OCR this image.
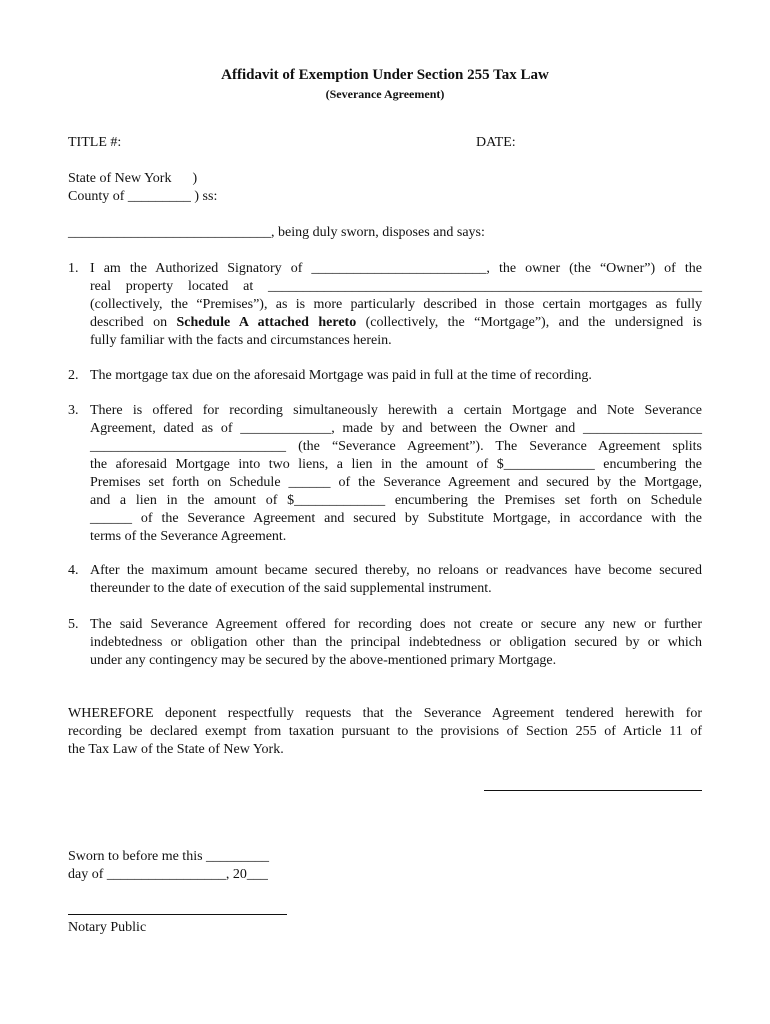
Affidavit of Exemption Under Section 255 Tax Law
(Severance Agreement)
TITLE #:	DATE:
State of New York      )
County of _________ ) ss:
_____________________________, being duly sworn, disposes and says:
1. I am the Authorized Signatory of _________________________, the owner (the “Owner”) of the
real property located at ______________________________________________________________
(collectively, the “Premises”), as is more particularly described in those certain mortgages as fully
described on Schedule A attached hereto (collectively, the “Mortgage”), and the undersigned is
fully familiar with the facts and circumstances herein.
2. The mortgage tax due on the aforesaid Mortgage was paid in full at the time of recording.
3. There is offered for recording simultaneously herewith a certain Mortgage and Note Severance
Agreement, dated as of _____________, made by and between the Owner and _________________
____________________________ (the “Severance Agreement”). The Severance Agreement splits
the aforesaid Mortgage into two liens, a lien in the amount of $_____________ encumbering the
Premises set forth on Schedule ______ of the Severance Agreement and secured by the Mortgage,
and a lien in the amount of $_____________ encumbering the Premises set forth on Schedule
______ of the Severance Agreement and secured by Substitute Mortgage, in accordance with the
terms of the Severance Agreement.
4. After the maximum amount became secured thereby, no reloans or readvances have become secured
thereunder to the date of execution of the said supplemental instrument.
5. The said Severance Agreement offered for recording does not create or secure any new or further
indebtedness or obligation other than the principal indebtedness or obligation secured by or which
under any contingency may be secured by the above-mentioned primary Mortgage.
WHEREFORE deponent respectfully requests that the Severance Agreement tendered herewith for
recording be declared exempt from taxation pursuant to the provisions of Section 255 of Article 11 of
the Tax Law of the State of New York.
Sworn to before me this _________
day of _________________, 20___
Notary Public
